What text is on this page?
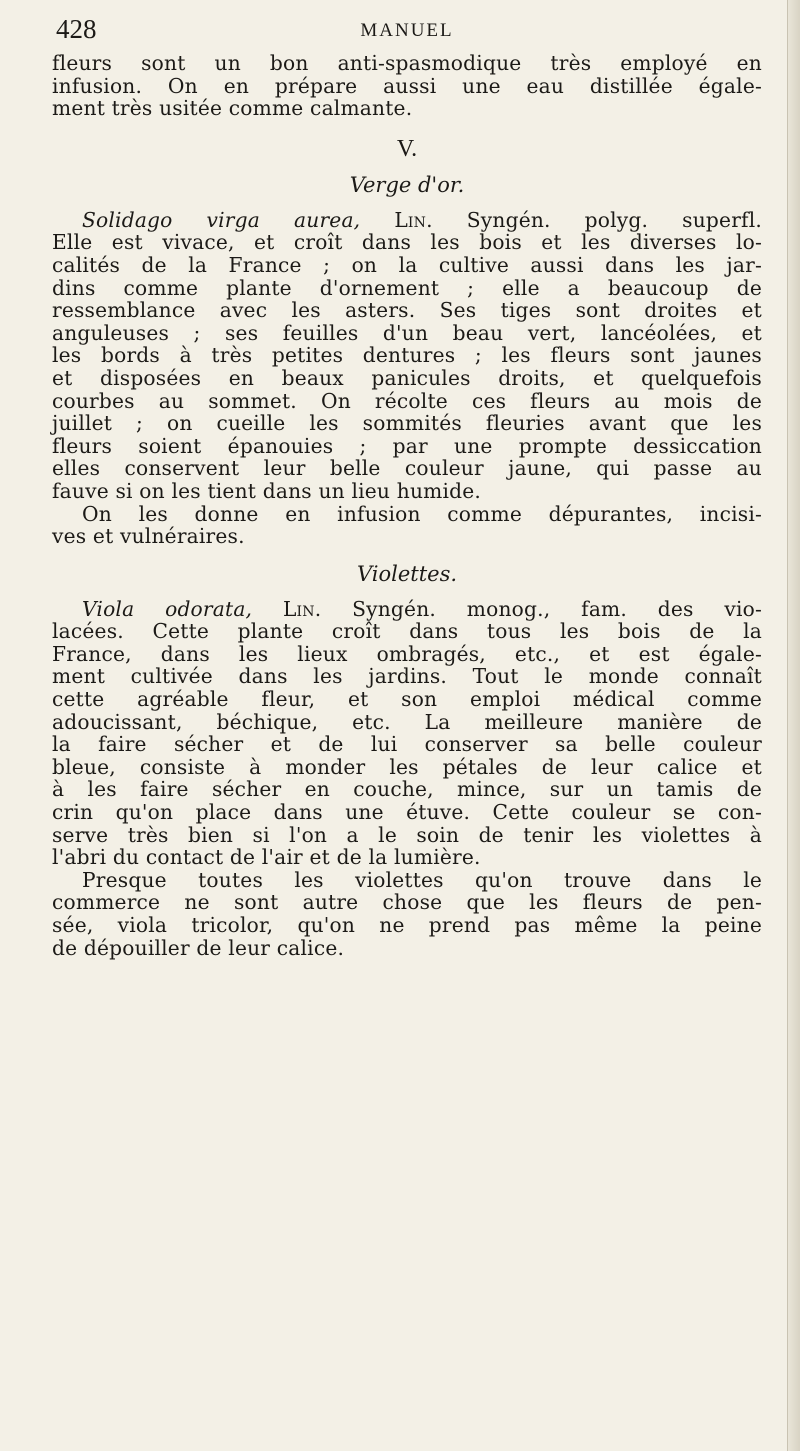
428	MANUEL

fleurs sont un bon anti-spasmodique très employé en
infusion. On en prépare aussi une eau distillée égale-
ment très usitée comme calmante.

V.
Verge d'or.

Solidago virga aurea, Lin. Syngén. polyg. superfl.
Elle est vivace, et croît dans les bois et les diverses lo-
calités de la France ; on la cultive aussi dans les jar-
dins comme plante d'ornement ; elle a beaucoup de
ressemblance avec les asters. Ses tiges sont droites et
anguleuses ; ses feuilles d'un beau vert, lancéolées, et
les bords à très petites dentures ; les fleurs sont jaunes
et disposées en beaux panicules droits, et quelquefois
courbes au sommet. On récolte ces fleurs au mois de
juillet ; on cueille les sommités fleuries avant que les
fleurs soient épanouies ; par une prompte dessiccation
elles conservent leur belle couleur jaune, qui passe au
fauve si on les tient dans un lieu humide.
On les donne en infusion comme dépurantes, incisi-
ves et vulnéraires.

Violettes.

Viola odorata, Lin. Syngén. monog., fam. des vio-
lacées. Cette plante croît dans tous les bois de la
France, dans les lieux ombragés, etc., et est égale-
ment cultivée dans les jardins. Tout le monde connaît
cette agréable fleur, et son emploi médical comme
adoucissant, béchique, etc. La meilleure manière de
la faire sécher et de lui conserver sa belle couleur
bleue, consiste à monder les pétales de leur calice et
à les faire sécher en couche, mince, sur un tamis de
crin qu'on place dans une étuve. Cette couleur se con-
serve très bien si l'on a le soin de tenir les violettes à
l'abri du contact de l'air et de la lumière.
Presque toutes les violettes qu'on trouve dans le
commerce ne sont autre chose que les fleurs de pen-
sée, viola tricolor, qu'on ne prend pas même la peine
de dépouiller de leur calice.
